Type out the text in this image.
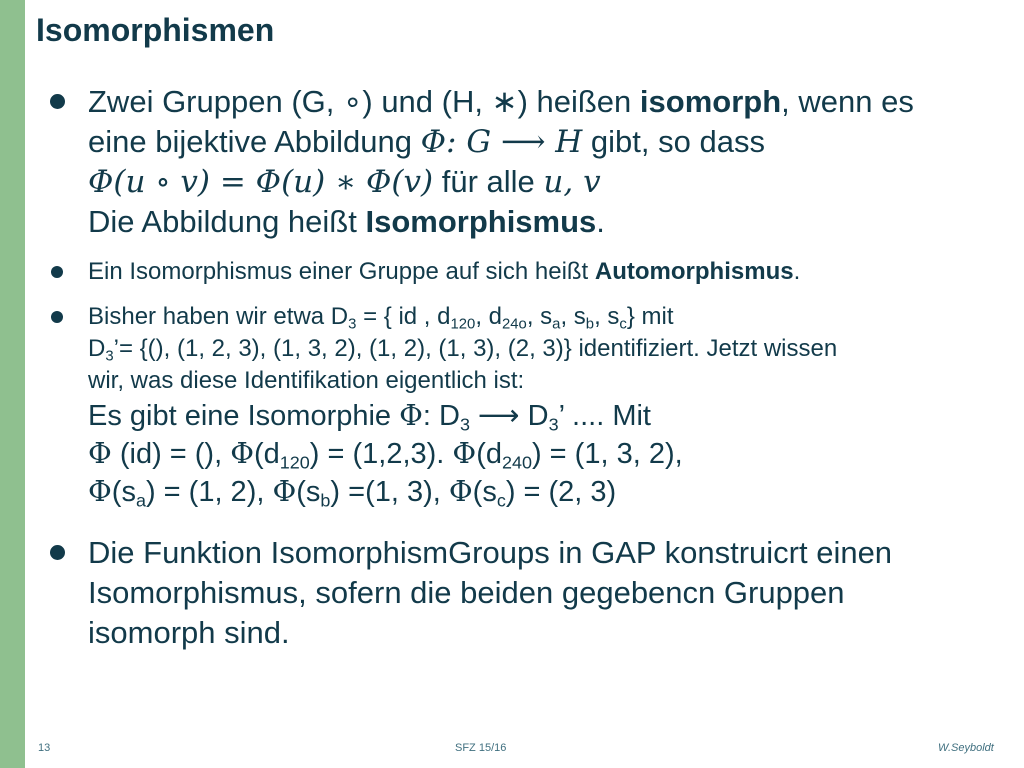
Isomorphismen
Zwei Gruppen (G, ∘) und (H, ∗) heißen isomorph, wenn es
eine bijektive Abbildung Φ: G ⟶ H gibt, so dass
Φ(u ∘ v) = Φ(u) ∗ Φ(v) für alle u, v
Die Abbildung heißt Isomorphismus.
Ein Isomorphismus einer Gruppe auf sich heißt Automorphismus.
Bisher haben wir etwa $D_3$ = { id , $d_{120}$, $d_{24o}$, $s_a$, $s_b$, $s_c$} mit
$D_3’=$ {(), (1, 2, 3), (1, 3, 2), (1, 2), (1, 3), (2, 3)} identifiziert. Jetzt wissen
wir, was diese Identifikation eigentlich ist:
Es gibt eine Isomorphie Φ: $D_3$ ⟶ $D_3$’ .... Mit
Φ (id) = (), $\Phi(d_{120}) = (1,2,3)$. $\Phi(d_{240}) = (1$, 3, 2),
$\Phi(s_a) = (1$, 2), $\Phi(s_b) =(1$, 3), $\Phi(s_c) = (2$, 3)
Die Funktion IsomorphismGroups in GAP konstruicrt einen
Isomorphismus, sofern die beiden gegebencn Gruppen
isomorph sind.
13	SFZ 15/16	W.Seyboldt
